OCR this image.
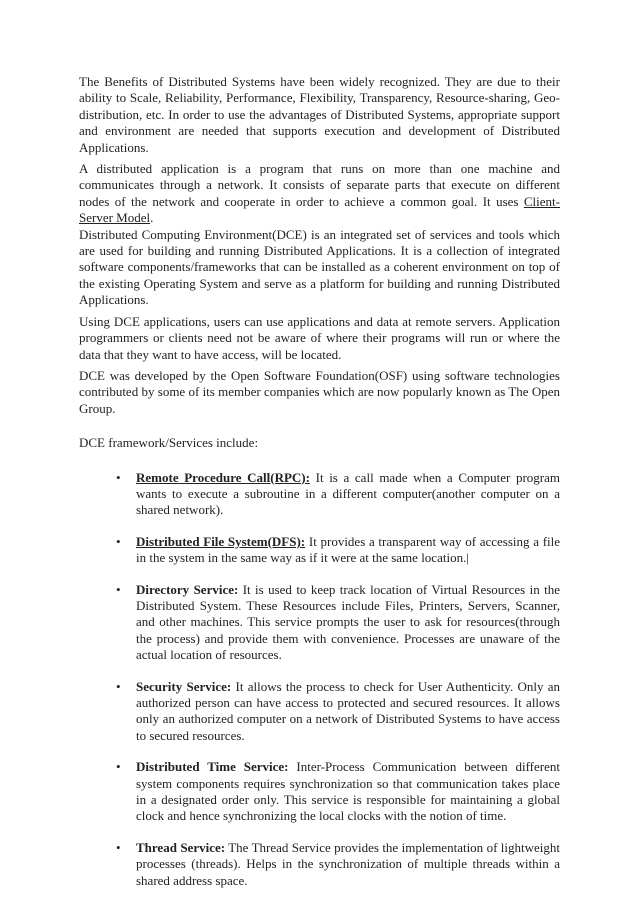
The Benefits of Distributed Systems have been widely recognized. They are due to their ability to Scale, Reliability, Performance, Flexibility, Transparency, Resource-sharing, Geo-distribution, etc. In order to use the advantages of Distributed Systems, appropriate support and environment are needed that supports execution and development of Distributed Applications.

A distributed application is a program that runs on more than one machine and communicates through a network. It consists of separate parts that execute on different nodes of the network and cooperate in order to achieve a common goal. It uses Client-Server Model.

Distributed Computing Environment(DCE) is an integrated set of services and tools which are used for building and running Distributed Applications. It is a collection of integrated software components/frameworks that can be installed as a coherent environment on top of the existing Operating System and serve as a platform for building and running Distributed Applications.

Using DCE applications, users can use applications and data at remote servers. Application programmers or clients need not be aware of where their programs will run or where the data that they want to have access, will be located.

DCE was developed by the Open Software Foundation(OSF) using software technologies contributed by some of its member companies which are now popularly known as The Open Group.

DCE framework/Services include:

• Remote Procedure Call(RPC): It is a call made when a Computer program wants to execute a subroutine in a different computer(another computer on a shared network).
• Distributed File System(DFS): It provides a transparent way of accessing a file in the system in the same way as if it were at the same location.|
• Directory Service: It is used to keep track location of Virtual Resources in the Distributed System. These Resources include Files, Printers, Servers, Scanner, and other machines. This service prompts the user to ask for resources(through the process) and provide them with convenience. Processes are unaware of the actual location of resources.
• Security Service: It allows the process to check for User Authenticity. Only an authorized person can have access to protected and secured resources. It allows only an authorized computer on a network of Distributed Systems to have access to secured resources.
• Distributed Time Service: Inter-Process Communication between different system components requires synchronization so that communication takes place in a designated order only. This service is responsible for maintaining a global clock and hence synchronizing the local clocks with the notion of time.
• Thread Service: The Thread Service provides the implementation of lightweight processes (threads). Helps in the synchronization of multiple threads within a shared address space.
